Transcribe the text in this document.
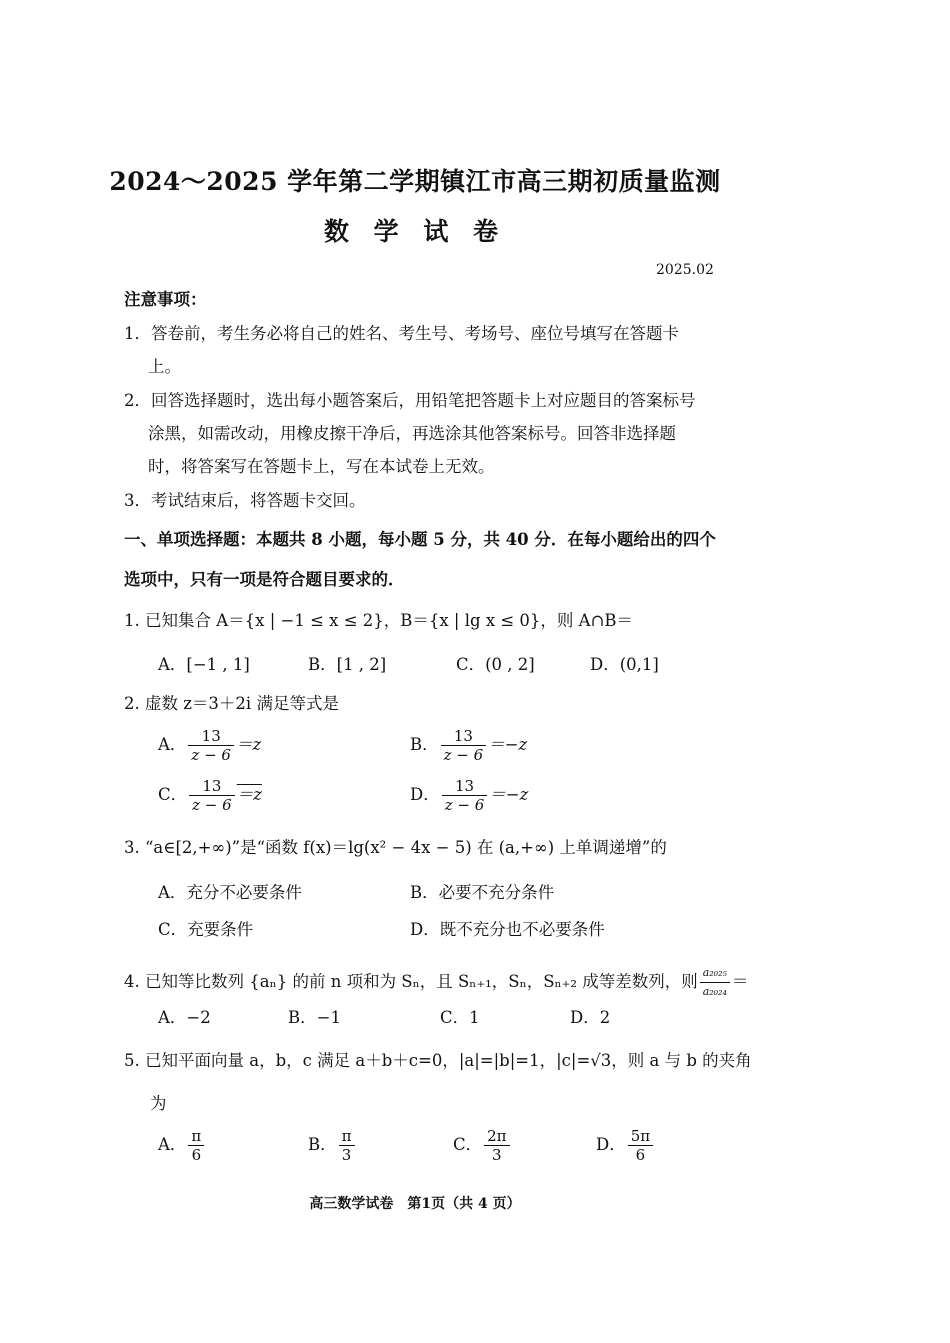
2024～2025 学年第二学期镇江市高三期初质量监测
数 学 试 卷
2025.02
注意事项：
1．答卷前，考生务必将自己的姓名、考生号、考场号、座位号填写在答题卡
上。
2．回答选择题时，选出每小题答案后，用铅笔把答题卡上对应题目的答案标号
涂黑，如需改动，用橡皮擦干净后，再选涂其他答案标号。回答非选择题
时，将答案写在答题卡上，写在本试卷上无效。
3．考试结束后，将答题卡交回。
一、单项选择题：本题共 8 小题，每小题 5 分，共 40 分．在每小题给出的四个
选项中，只有一项是符合题目要求的．
1. 已知集合 A＝{x | −1 ≤ x ≤ 2}，B＝{x | lg x ≤ 0}，则 A∩B＝
A．[−1 , 1]	B．[1 , 2]	C．(0 , 2]	D．(0,1]
2. 虚数 z＝3＋2i 满足等式是
A． $\frac{13}{z - 6} =z$	B． $\frac{13}{z - 6} =-z$
C． $\frac{13}{z - 6} =z$	D． $\frac{13}{z - 6} =-z$
3. “a∈[2,+∞)”是“函数 f(x)＝lg(x² − 4x − 5) 在 (a,+∞) 上单调递增”的
A．充分不必要条件	B．必要不充分条件
C．充要条件	D．既不充分也不必要条件
4. 已知等比数列 {aₙ} 的前 n 项和为 Sₙ，且 Sₙ₊₁，Sₙ，Sₙ₊₂ 成等差数列，则 $\frac{\text{a₂₀₂₅}}{\text{a₂₀₂₄}}$ ＝
A．−2	B．−1	C．1	D．2
5. 已知平面向量 a，b，c 满足 a＋b＋c=0，|a|=|b|=1，|c|=√3，则 a 与 b 的夹角
为
A． $\frac{\pi}{6}$	B． $\frac{\pi}{3}$	C． $\frac{2\pi}{3}$	D． $\frac{5\pi}{6}$
高三数学试卷　第1页（共 4 页）
